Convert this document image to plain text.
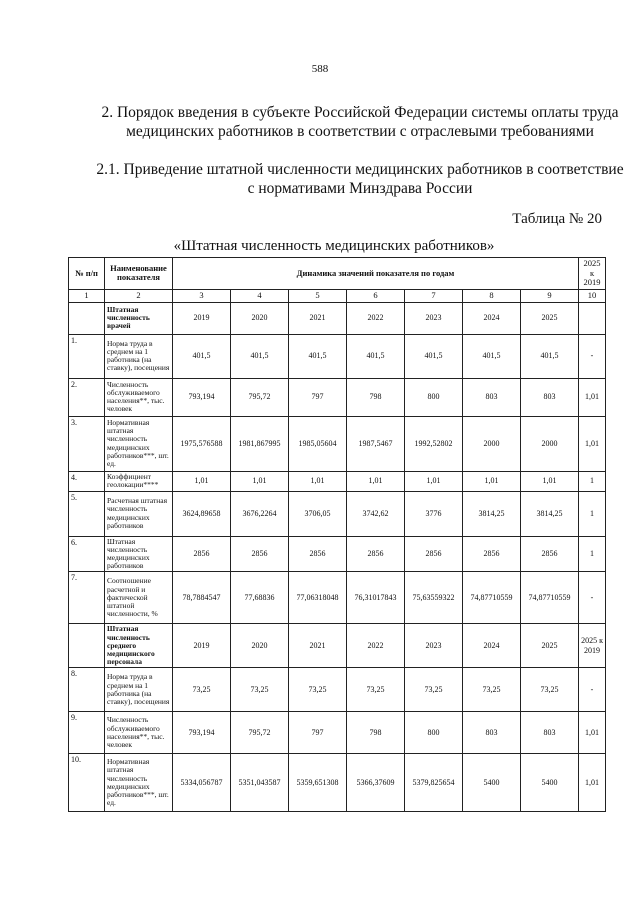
588
2. Порядок введения в субъекте Российской Федерации системы оплаты труда медицинских работников в соответствии с отраслевыми требованиями
2.1. Приведение штатной численности медицинских работников в соответствие с нормативами Минздрава России
Таблица № 20
«Штатная численность медицинских работников»
№ п/п	Наименование показателя	Динамика значений показателя по годам							2025 к 2019
1	2	3	4	5	6	7	8	9	10
	Штатная численность врачей	2019	2020	2021	2022	2023	2024	2025	
1.	Норма труда в среднем на 1 работника (на ставку), посещения	401,5	401,5	401,5	401,5	401,5	401,5	401,5	-
2.	Численность обслуживаемого населения**, тыс. человек	793,194	795,72	797	798	800	803	803	1,01
3.	Нормативная штатная численность медицинских работников***, шт. ед.	1975,576588	1981,867995	1985,05604	1987,5467	1992,52802	2000	2000	1,01
4.	Коэффициент геолокации****	1,01	1,01	1,01	1,01	1,01	1,01	1,01	1
5.	Расчетная штатная численность медицинских работников	3624,89658	3676,2264	3706,05	3742,62	3776	3814,25	3814,25	1
6.	Штатная численность медицинских работников	2856	2856	2856	2856	2856	2856	2856	1
7.	Соотношение расчетной и фактической штатной численности, %	78,7884547	77,68836	77,06318048	76,31017843	75,63559322	74,87710559	74,87710559	-
	Штатная численность среднего медицинского персонала	2019	2020	2021	2022	2023	2024	2025	2025 к 2019
8.	Норма труда в среднем на 1 работника (на ставку), посещения	73,25	73,25	73,25	73,25	73,25	73,25	73,25	-
9.	Численность обслуживаемого населения**, тыс. человек	793,194	795,72	797	798	800	803	803	1,01
10.	Нормативная штатная численность медицинских работников***, шт. ед.	5334,056787	5351,043587	5359,651308	5366,37609	5379,825654	5400	5400	1,01
